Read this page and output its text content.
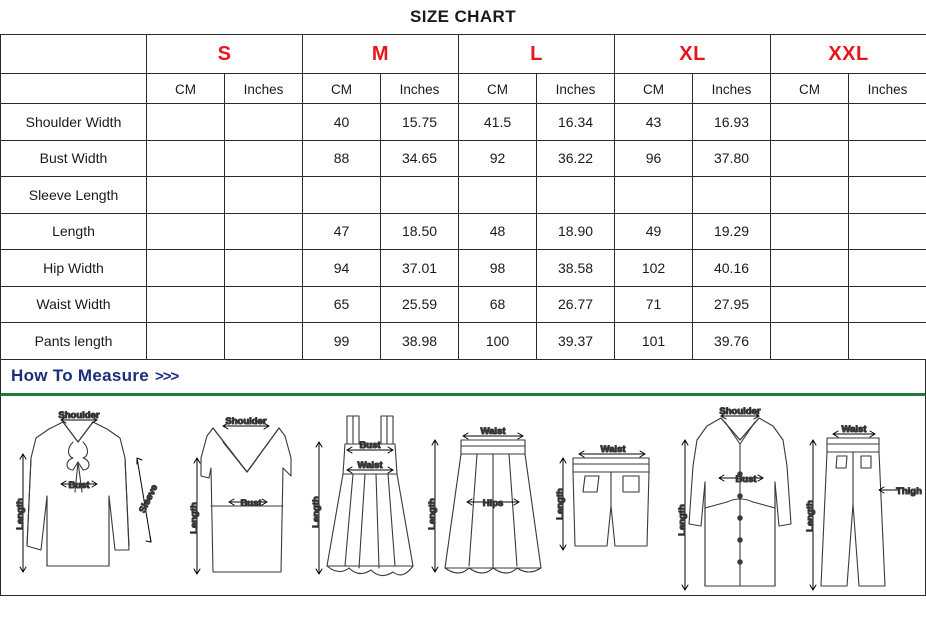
SIZE CHART
	S		M		L		XL		XXL	
	CM	Inches	CM	Inches	CM	Inches	CM	Inches	CM	Inches
Shoulder Width			40	15.75	41.5	16.34	43	16.93		
Bust Width			88	34.65	92	36.22	96	37.80		
Sleeve Length										
Length			47	18.50	48	18.90	49	19.29		
Hip Width			94	37.01	98	38.58	102	40.16		
Waist Width			65	25.59	68	26.77	71	27.95		
Pants length			99	38.98	100	39.37	101	39.76		
How To Measure >>>
Shoulder
Bust
Length	Sleeve
Shoulder
Bust
Length
Bust
Waist
Length
Waist
Hips
Length
Waist
Length
Shoulder
Bust
Length
Waist
Length
Thigh
